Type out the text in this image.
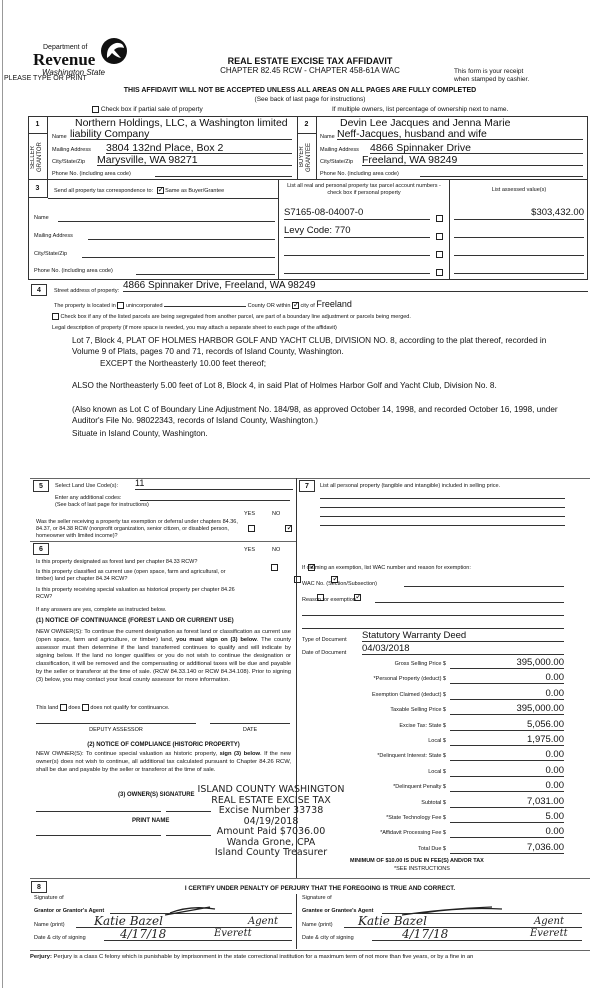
Department of
Revenue
Washington State
PLEASE TYPE OR PRINT
REAL ESTATE EXCISE TAX AFFIDAVIT
CHAPTER 82.45 RCW - CHAPTER 458-61A WAC	This form is your receipt
when stamped by cashier.
THIS AFFIDAVIT WILL NOT BE ACCEPTED UNLESS ALL AREAS ON ALL PAGES ARE FULLY COMPLETED
(See back of last page for instructions)
Check box if partial sale of property	If multiple owners, list percentage of ownership next to name.
1
SELLER GRANTOR
Northern Holdings, LLC, a Washington limited
Name liability Company
Mailing Address 3804 132nd Place, Box 2
City/State/Zip Marysville, WA 98271
Phone No. (including area code)
2
BUYER GRANTEE
Devin Lee Jacques and Jenna Marie
Name Neff-Jacques, husband and wife
Mailing Address 4866 Spinnaker Drive
City/State/Zip Freeland, WA 98249
Phone No. (including area code)
3	Send all property tax correspondence to: ✓ Same as Buyer/Grantee
List all real and personal property tax parcel account numbers - check box if personal property	List assessed value(s)
Name
Mailing Address
City/State/Zip
Phone No. (including area code)
S7165-08-04007-0	$303,432.00
Levy Code: 770
4	Street address of property: 4866 Spinnaker Drive, Freeland, WA 98249
The property is located in unincorporated	County OR within ✓ city of Freeland
Check box if any of the listed parcels are being segregated from another parcel, are part of a boundary line adjustment or parcels being merged.
Legal description of property (if more space is needed, you may attach a separate sheet to each page of the affidavit)
Lot 7, Block 4, PLAT OF HOLMES HARBOR GOLF AND YACHT CLUB, DIVISION NO. 8, according to the plat thereof, recorded in Volume 9 of Plats, pages 70 and 71, records of Island County, Washington.
EXCEPT the Northeasterly 10.00 feet thereof;
ALSO the Northeasterly 5.00 feet of Lot 8, Block 4, in said Plat of Holmes Harbor Golf and Yacht Club, Division No. 8.
(Also known as Lot C of Boundary Line Adjustment No. 184/98, as approved October 14, 1998, and recorded October 16, 1998, under Auditor's File No. 98022343, records of Island County, Washington.)
Situate in Island County, Washington.
5	Select Land Use Code(s): 11
Enter any additional codes:
(See back of last page for instructions)
YES	NO
Was the seller receiving a property tax exemption or deferral under chapters 84.36, 84.37, or 84.38 RCW (nonprofit organization, senior citizen, or disabled person, homeowner with limited income)?
✓
6	YES	NO
Is this property designated as forest land per chapter 84.33 RCW?
✓
Is this property classified as current use (open space, farm and agricultural, or timber) land per chapter 84.34 RCW?
✓
Is this property receiving special valuation as historical property per chapter 84.26 RCW?
✓
If any answers are yes, complete as instructed below.
(1) NOTICE OF CONTINUANCE (FOREST LAND OR CURRENT USE)
NEW OWNER(S): To continue the current designation as forest land or classification as current use (open space, farm and agriculture, or timber) land, you must sign on (3) below. The county assessor must then determine if the land transferred continues to qualify and will indicate by signing below. If the land no longer qualifies or you do not wish to continue the designation or classification, it will be removed and the compensating or additional taxes will be due and payable by the seller or transferor at the time of sale. (RCW 84.33.140 or RCW 84.34.108). Prior to signing (3) below, you may contact your local county assessor for more information.
This land does does not qualify for continuance.
DEPUTY ASSESSOR	DATE
(2) NOTICE OF COMPLIANCE (HISTORIC PROPERTY)
NEW OWNER(S): To continue special valuation as historic property, sign (3) below. If the new owner(s) does not wish to continue, all additional tax calculated pursuant to Chapter 84.26 RCW, shall be due and payable by the seller or transferor at the time of sale.
(3) OWNER(S) SIGNATURE
PRINT NAME
ISLAND COUNTY WASHINGTON
REAL ESTATE EXCISE TAX
Excise Number 33738
04/19/2018
Amount Paid $7036.00
Wanda Grone, CPA
Island County Treasurer
7	List all personal property (tangible and intangible) included in selling price.
If claiming an exemption, list WAC number and reason for exemption:
WAC No. (Section/Subsection)
Reason for exemption
Type of Document Statutory Warranty Deed
Date of Document 04/03/2018
Gross Selling Price $	395,000.00
*Personal Property (deduct) $	0.00
Exemption Claimed (deduct) $	0.00
Taxable Selling Price $	395,000.00
Excise Tax: State $	5,056.00
Local $	1,975.00
*Delinquent Interest: State $	0.00
Local $	0.00
*Delinquent Penalty $	0.00
Subtotal $	7,031.00
*State Technology Fee $	5.00
*Affidavit Processing Fee $	0.00
Total Due $	7,036.00
MINIMUM OF $10.00 IS DUE IN FEE(S) AND/OR TAX
*SEE INSTRUCTIONS
8	I CERTIFY UNDER PENALTY OF PERJURY THAT THE FOREGOING IS TRUE AND CORRECT.
Signature of
Grantor or Grantor's Agent
Name (print) Katie Bazel	Agent
Date & city of signing	4/17/18	Everett
Signature of
Grantee or Grantee's Agent
Name (print) Katie Bazel	Agent
Date & city of signing	4/17/18	Everett
Perjury: Perjury is a class C felony which is punishable by imprisonment in the state correctional institution for a maximum term of not more than five years, or by a fine in an
